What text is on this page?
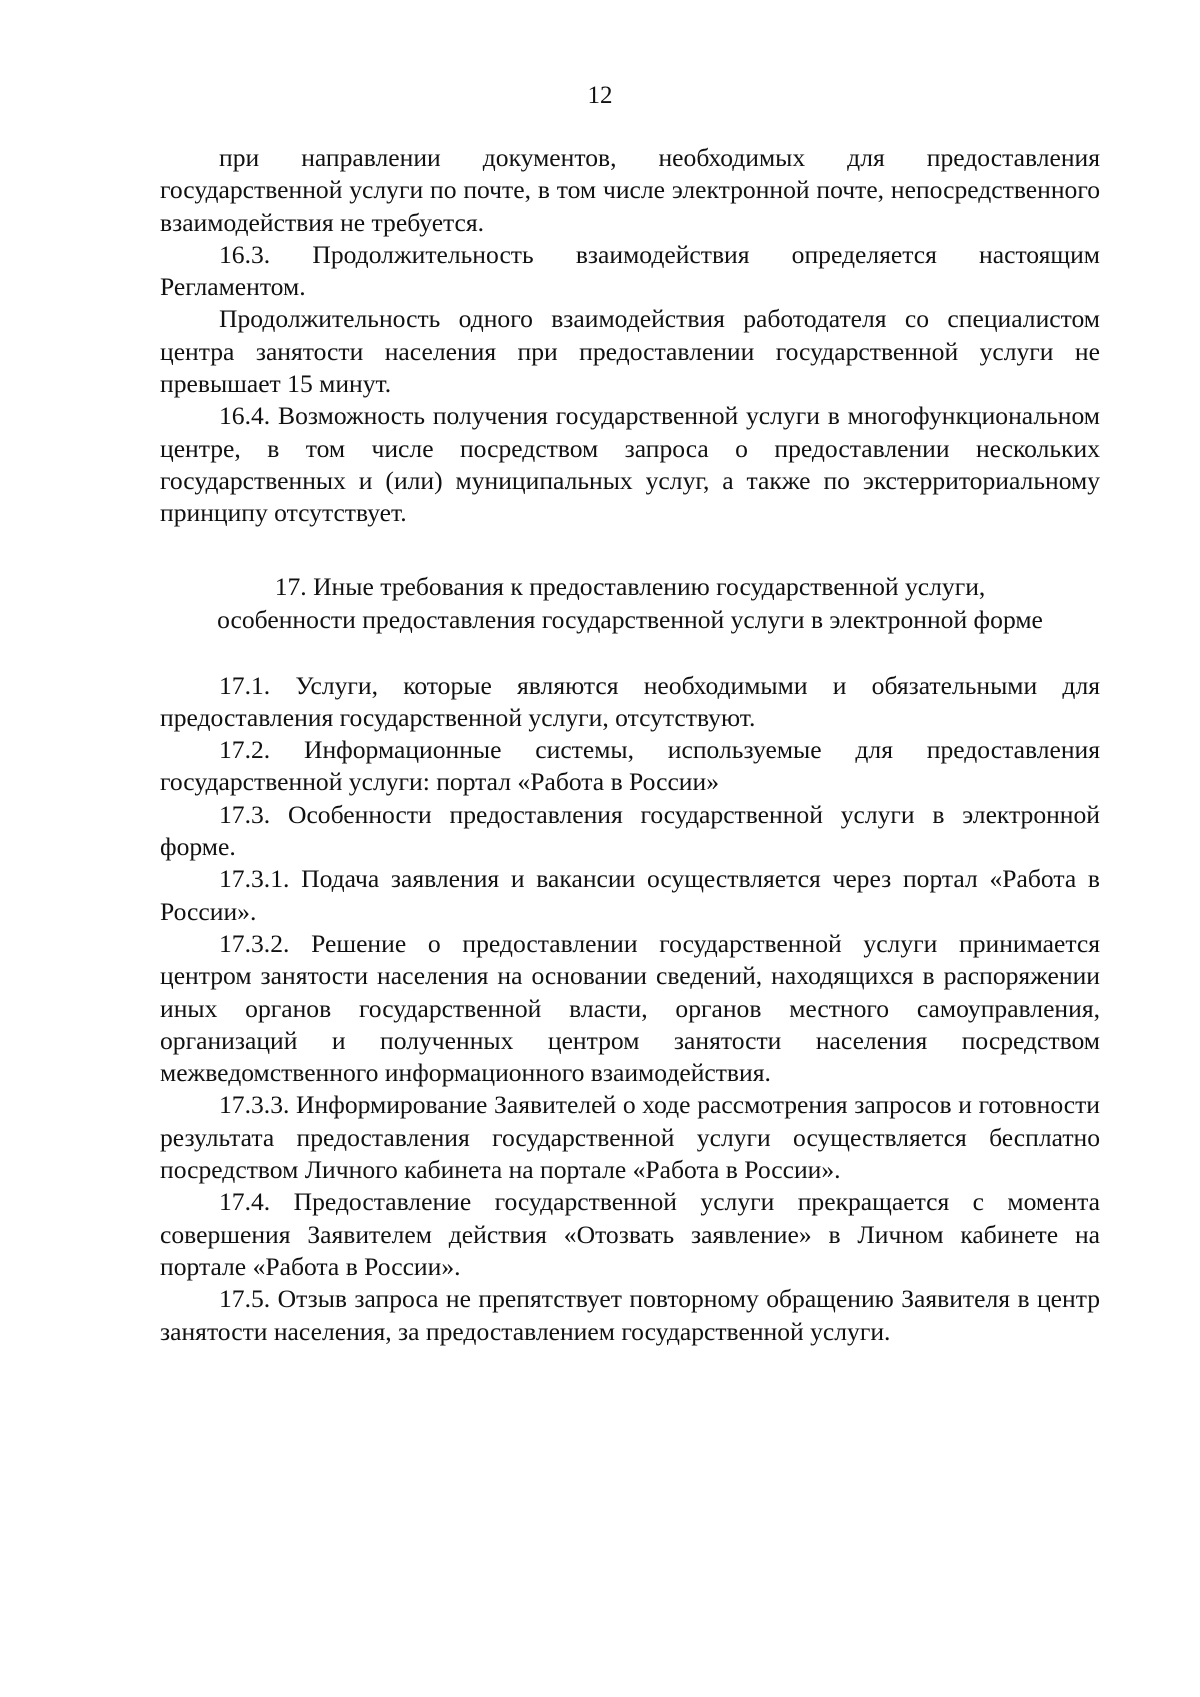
12

при направлении документов, необходимых для предоставления государственной услуги по почте, в том числе электронной почте, непосредственного взаимодействия не требуется.

16.3. Продолжительность взаимодействия определяется настоящим Регламентом.

Продолжительность одного взаимодействия работодателя со специалистом центра занятости населения при предоставлении государственной услуги не превышает 15 минут.

16.4. Возможность получения государственной услуги в многофункциональном центре, в том числе посредством запроса о предоставлении нескольких государственных и (или) муниципальных услуг, а также по экстерриториальному принципу отсутствует.

17. Иные требования к предоставлению государственной услуги,
особенности предоставления государственной услуги в электронной форме

17.1. Услуги, которые являются необходимыми и обязательными для предоставления государственной услуги, отсутствуют.

17.2. Информационные системы, используемые для предоставления государственной услуги: портал «Работа в России»

17.3. Особенности предоставления государственной услуги в электронной форме.

17.3.1. Подача заявления и вакансии осуществляется через портал «Работа в России».

17.3.2. Решение о предоставлении государственной услуги принимается центром занятости населения на основании сведений, находящихся в распоряжении иных органов государственной власти, органов местного самоуправления, организаций и полученных центром занятости населения посредством межведомственного информационного взаимодействия.

17.3.3. Информирование Заявителей о ходе рассмотрения запросов и готовности результата предоставления государственной услуги осуществляется бесплатно посредством Личного кабинета на портале «Работа в России».

17.4. Предоставление государственной услуги прекращается с момента совершения Заявителем действия «Отозвать заявление» в Личном кабинете на портале «Работа в России».

17.5. Отзыв запроса не препятствует повторному обращению Заявителя в центр занятости населения, за предоставлением государственной услуги.
